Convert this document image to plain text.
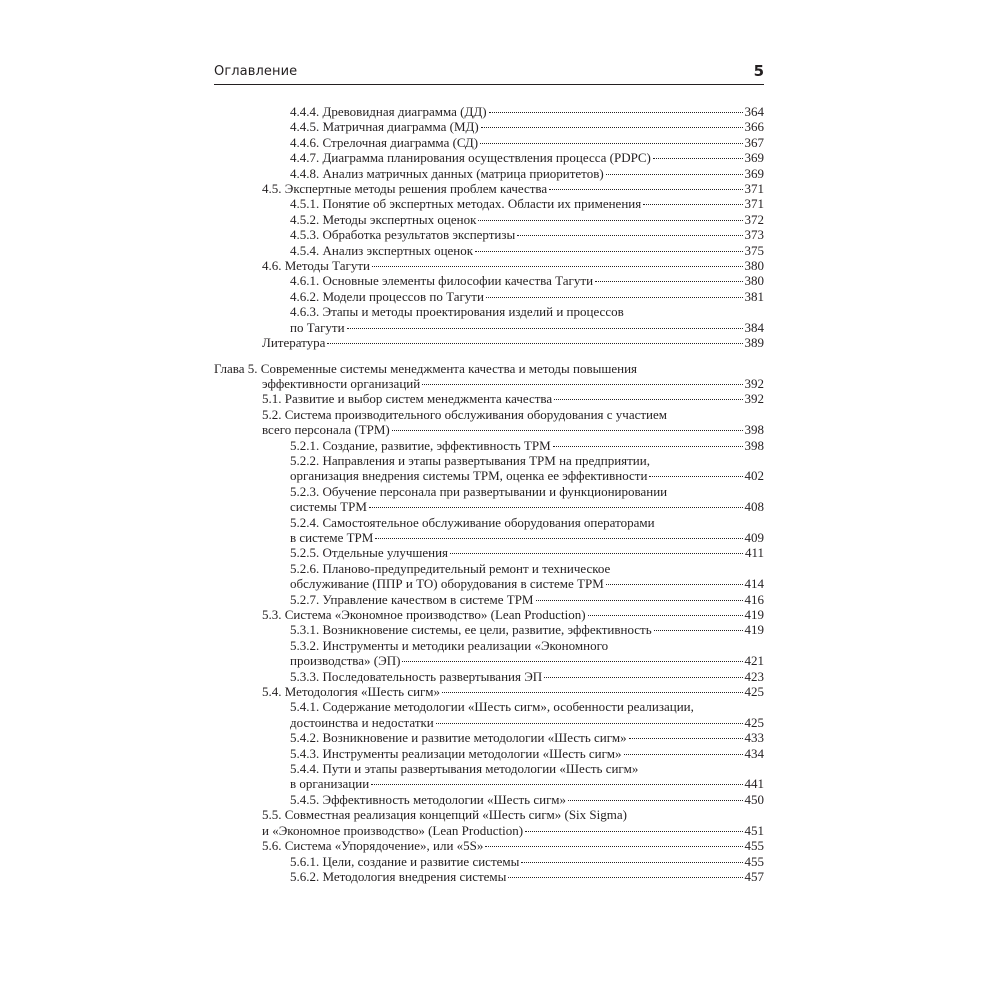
Оглавление	5
4.4.4. Древовидная диаграмма (ДД)	364
4.4.5. Матричная диаграмма (МД)	366
4.4.6. Стрелочная диаграмма (СД)	367
4.4.7. Диаграмма планирования осуществления процесса (PDPC)	369
4.4.8. Анализ матричных данных (матрица приоритетов)	369
4.5. Экспертные методы решения проблем качества	371
4.5.1. Понятие об экспертных методах. Области их применения	371
4.5.2. Методы экспертных оценок	372
4.5.3. Обработка результатов экспертизы	373
4.5.4. Анализ экспертных оценок	375
4.6. Методы Тагути	380
4.6.1. Основные элементы философии качества Тагути	380
4.6.2. Модели процессов по Тагути	381
4.6.3. Этапы и методы проектирования изделий и процессов
по Тагути	384
Литература	389
Глава 5. Современные системы менеджмента качества и методы повышения
эффективности организаций	392
5.1. Развитие и выбор систем менеджмента качества	392
5.2. Система производительного обслуживания оборудования с участием
всего персонала (TPM)	398
5.2.1. Создание, развитие, эффективность TPM	398
5.2.2. Направления и этапы развертывания TPM на предприятии,
организация внедрения системы TPM, оценка ее эффективности	402
5.2.3. Обучение персонала при развертывании и функционировании
системы TPM	408
5.2.4. Самостоятельное обслуживание оборудования операторами
в системе TPM	409
5.2.5. Отдельные улучшения	411
5.2.6. Планово-предупредительный ремонт и техническое
обслуживание (ППР и ТО) оборудования в системе TPM	414
5.2.7. Управление качеством в системе TPM	416
5.3. Система «Экономное производство» (Lean Production)	419
5.3.1. Возникновение системы, ее цели, развитие, эффективность	419
5.3.2. Инструменты и методики реализации «Экономного
производства» (ЭП)	421
5.3.3. Последовательность развертывания ЭП	423
5.4. Методология «Шесть сигм»	425
5.4.1. Содержание методологии «Шесть сигм», особенности реализации,
достоинства и недостатки	425
5.4.2. Возникновение и развитие методологии «Шесть сигм»	433
5.4.3. Инструменты реализации методологии «Шесть сигм»	434
5.4.4. Пути и этапы развертывания методологии «Шесть сигм»
в организации	441
5.4.5. Эффективность методологии «Шесть сигм»	450
5.5. Совместная реализация концепций «Шесть сигм» (Six Sigma)
и «Экономное производство» (Lean Production)	451
5.6. Система «Упорядочение», или «5S»	455
5.6.1. Цели, создание и развитие системы	455
5.6.2. Методология внедрения системы	457
